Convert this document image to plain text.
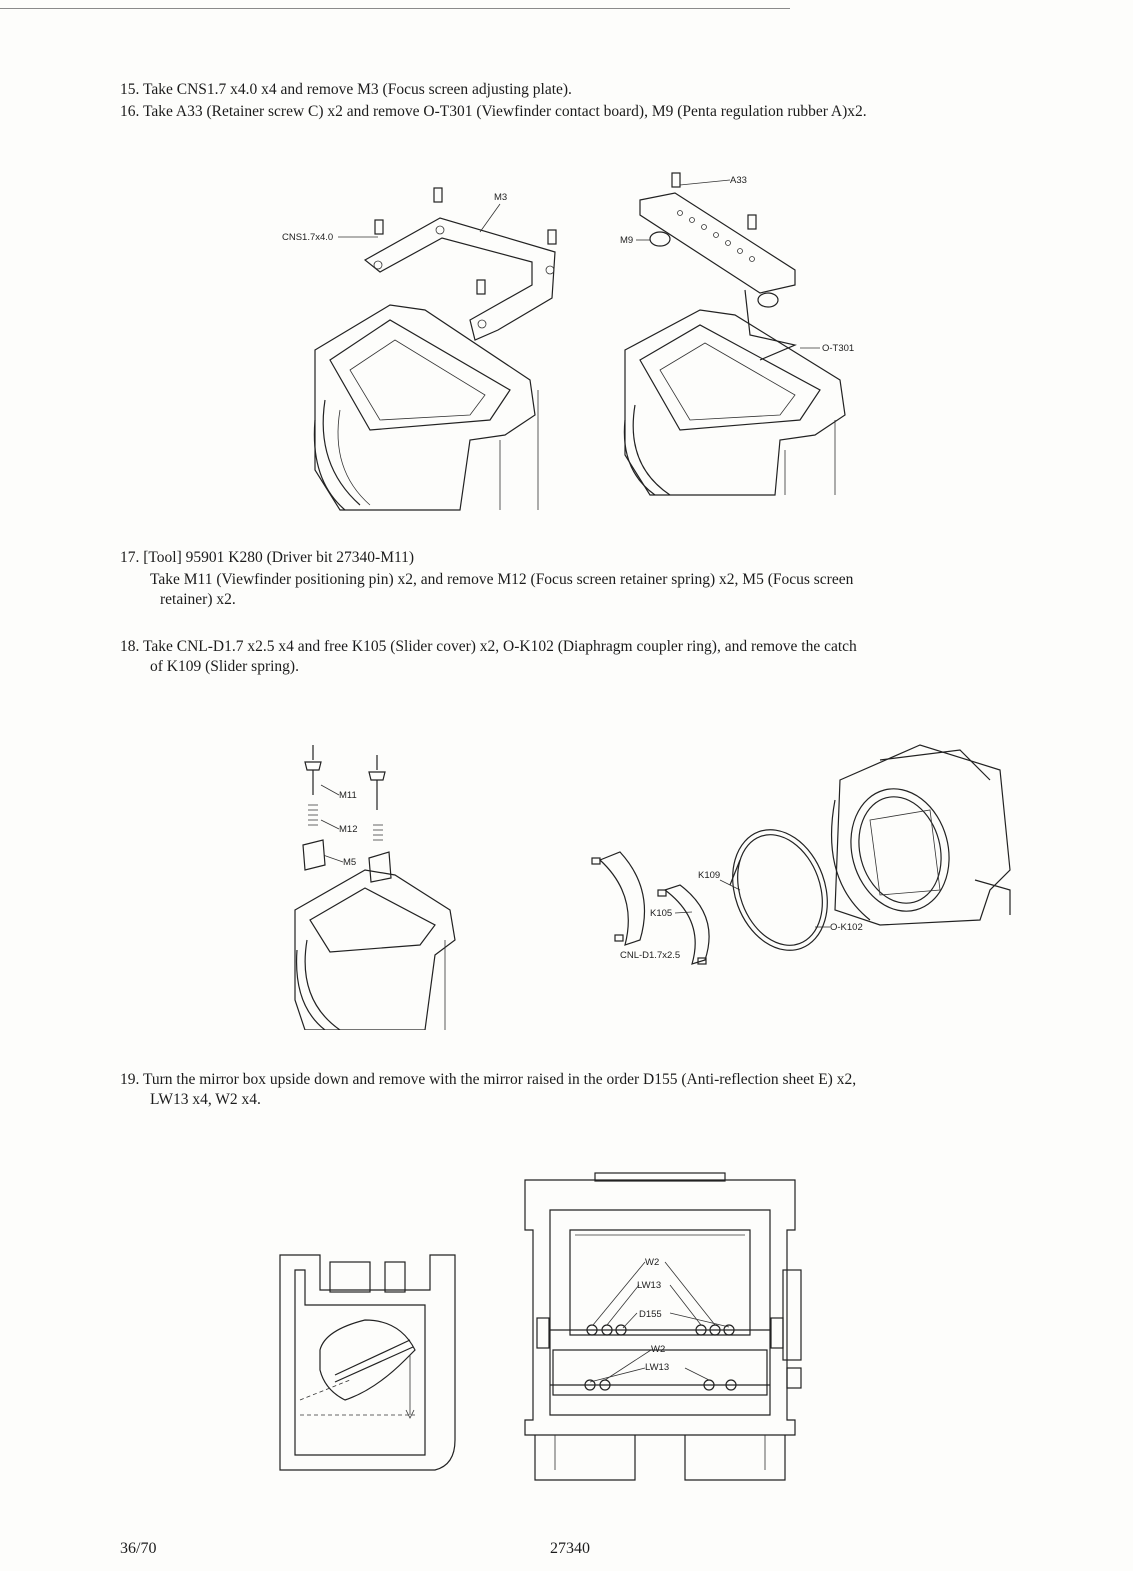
15. Take CNS1.7 x4.0 x4 and remove M3 (Focus screen adjusting plate).
16. Take A33 (Retainer screw C) x2 and remove O-T301 (Viewfinder contact board), M9 (Penta regulation rubber A)x2.
CNS1.7x4.0
M3
A33
M9
O-T301
17. [Tool] 95901 K280 (Driver bit 27340-M11)
Take M11 (Viewfinder positioning pin) x2, and remove M12 (Focus screen retainer spring) x2, M5 (Focus screen
retainer) x2.
18. Take CNL-D1.7 x2.5 x4 and free K105 (Slider cover) x2, O-K102 (Diaphragm coupler ring), and remove the catch
of K109 (Slider spring).
M11
M12
M5
K109
K105
CNL-D1.7x2.5
O-K102
19. Turn the mirror box upside down and remove with the mirror raised in the order D155 (Anti-reflection sheet E) x2,
LW13 x4, W2 x4.
W2
LW13
D155
W2
LW13
36/70	27340
